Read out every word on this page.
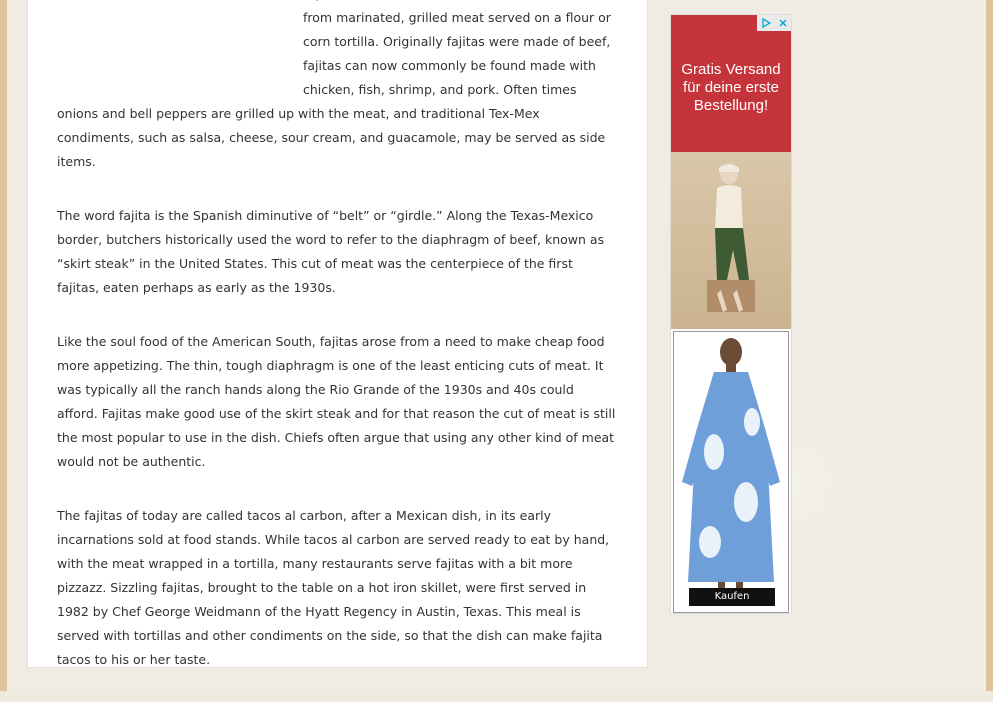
from marinated, grilled meat served on a flour or corn tortilla. Originally fajitas were made of beef, fajitas can now commonly be found made with chicken, fish, shrimp, and pork. Often times onions and bell peppers are grilled up with the meat, and traditional Tex-Mex condiments, such as salsa, cheese, sour cream, and guacamole, may be served as side items.

The word fajita is the Spanish diminutive of “belt” or “girdle.” Along the Texas-Mexico border, butchers historically used the word to refer to the diaphragm of beef, known as “skirt steak” in the United States. This cut of meat was the centerpiece of the first fajitas, eaten perhaps as early as the 1930s.

Like the soul food of the American South, fajitas arose from a need to make cheap food more appetizing. The thin, tough diaphragm is one of the least enticing cuts of meat. It was typically all the ranch hands along the Rio Grande of the 1930s and 40s could afford. Fajitas make good use of the skirt steak and for that reason the cut of meat is still the most popular to use in the dish. Chiefs often argue that using any other kind of meat would not be authentic.

The fajitas of today are called tacos al carbon, after a Mexican dish, in its early incarnations sold at food stands. While tacos al carbon are served ready to eat by hand, with the meat wrapped in a tortilla, many restaurants serve fajitas with a bit more pizzazz. Sizzling fajitas, brought to the table on a hot iron skillet, were first served in 1982 by Chef George Weidmann of the Hyatt Regency in Austin, Texas. This meal is served with tortillas and other condiments on the side, so that the dish can make fajita tacos to his or her taste.

Gratis Versand für deine erste Bestellung!
Kaufen
